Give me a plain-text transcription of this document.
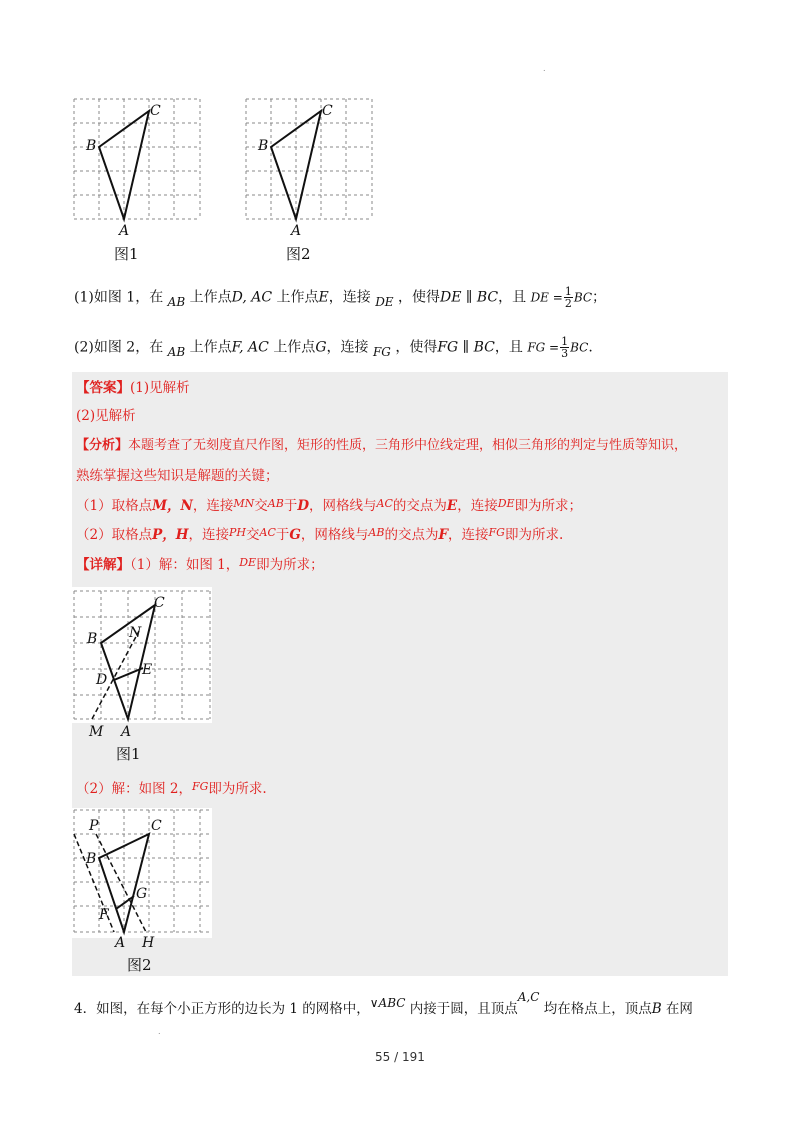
.
C
B
A
图1
C
B
A
图2
(1)如图 1，在 AB 上作点D, AC 上作点E，连接 DE ，使得DE ∥ BC，且 DE = $\frac{1}{2}$ BC；
(2)如图 2，在 AB 上作点F, AC 上作点G，连接 FG ，使得FG ∥ BC，且 FG = $\frac{1}{3}$ BC.
【答案】(1)见解析
(2)见解析
【分析】本题考查了无刻度直尺作图，矩形的性质，三角形中位线定理，相似三角形的判定与性质等知识，
熟练掌握这些知识是解题的关键；
（1）取格点M，N，连接$^{MN}$交$^{AB}$于D，网格线与$^{AC}$的交点为E，连接$^{DE}$即为所求；
（2）取格点P，H，连接$^{PH}$交$^{AC}$于G，网格线与$^{AB}$的交点为F，连接$^{FG}$即为所求.
【详解】（1）解：如图 1，$^{DE}$即为所求；
C
B N
E
D
M A
图1
（2）解：如图 2，$^{FG}$即为所求.
P	C
B
G
F
A H
图2
4．如图，在每个小正方形的边长为 1 的网格中，∨ABC 内接于圆，且顶点A,C 均在格点上，顶点B 在网
.
55 / 191
